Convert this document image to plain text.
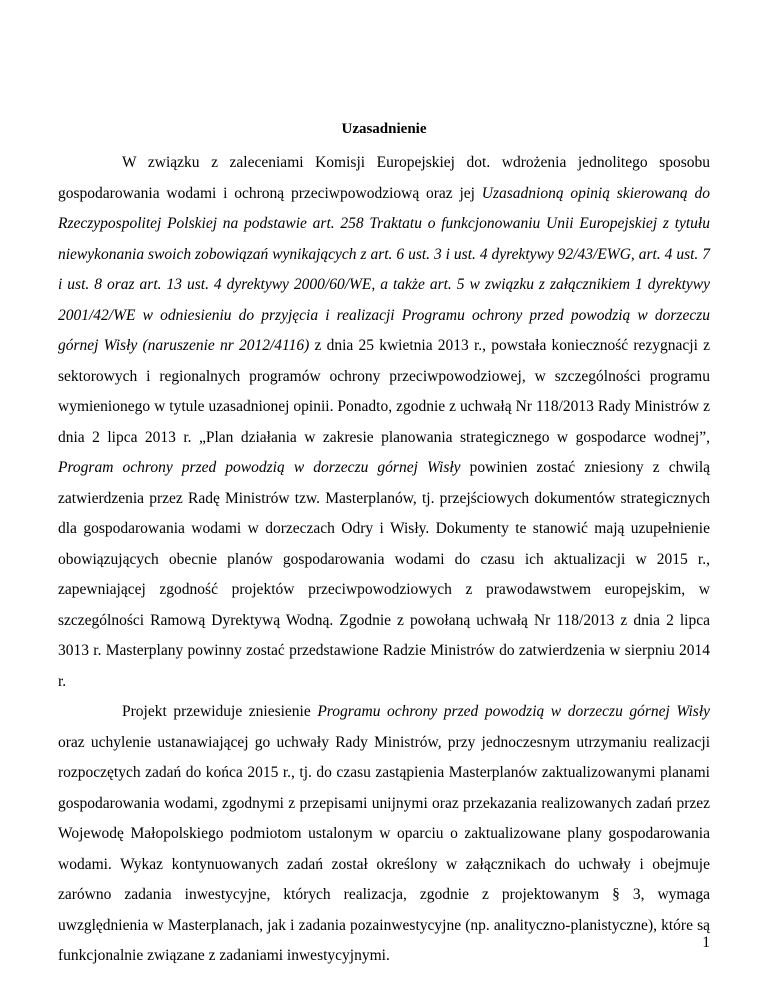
Uzasadnienie

W związku z zaleceniami Komisji Europejskiej dot. wdrożenia jednolitego sposobu gospodarowania wodami i ochroną przeciwpowodziową oraz jej Uzasadnioną opinią skierowaną do Rzeczypospolitej Polskiej na podstawie art. 258 Traktatu o funkcjonowaniu Unii Europejskiej z tytułu niewykonania swoich zobowiązań wynikających z art. 6 ust. 3 i ust. 4 dyrektywy 92/43/EWG, art. 4 ust. 7 i ust. 8 oraz art. 13 ust. 4 dyrektywy 2000/60/WE, a także art. 5 w związku z załącznikiem 1 dyrektywy 2001/42/WE w odniesieniu do przyjęcia i realizacji Programu ochrony przed powodzią w dorzeczu górnej Wisły (naruszenie nr 2012/4116) z dnia 25 kwietnia 2013 r., powstała konieczność rezygnacji z sektorowych i regionalnych programów ochrony przeciwpowodziowej, w szczególności programu wymienionego w tytule uzasadnionej opinii. Ponadto, zgodnie z uchwałą Nr 118/2013 Rady Ministrów z dnia 2 lipca 2013 r. „Plan działania w zakresie planowania strategicznego w gospodarce wodnej”, Program ochrony przed powodzią w dorzeczu górnej Wisły powinien zostać zniesiony z chwilą zatwierdzenia przez Radę Ministrów tzw. Masterplanów, tj. przejściowych dokumentów strategicznych dla gospodarowania wodami w dorzeczach Odry i Wisły. Dokumenty te stanowić mają uzupełnienie obowiązujących obecnie planów gospodarowania wodami do czasu ich aktualizacji w 2015 r., zapewniającej zgodność projektów przeciwpowodziowych z prawodawstwem europejskim, w szczególności Ramową Dyrektywą Wodną. Zgodnie z powołaną uchwałą Nr 118/2013 z dnia 2 lipca 3013 r. Masterplany powinny zostać przedstawione Radzie Ministrów do zatwierdzenia w sierpniu 2014 r.

Projekt przewiduje zniesienie Programu ochrony przed powodzią w dorzeczu górnej Wisły oraz uchylenie ustanawiającej go uchwały Rady Ministrów, przy jednoczesnym utrzymaniu realizacji rozpoczętych zadań do końca 2015 r., tj. do czasu zastąpienia Masterplanów zaktualizowanymi planami gospodarowania wodami, zgodnymi z przepisami unijnymi oraz przekazania realizowanych zadań przez Wojewodę Małopolskiego podmiotom ustalonym w oparciu o zaktualizowane plany gospodarowania wodami. Wykaz kontynuowanych zadań został określony w załącznikach do uchwały i obejmuje zarówno zadania inwestycyjne, których realizacja, zgodnie z projektowanym § 3, wymaga uwzględnienia w Masterplanach, jak i zadania pozainwestycyjne (np. analityczno-planistyczne), które są funkcjonalnie związane z zadaniami inwestycyjnymi.

1
